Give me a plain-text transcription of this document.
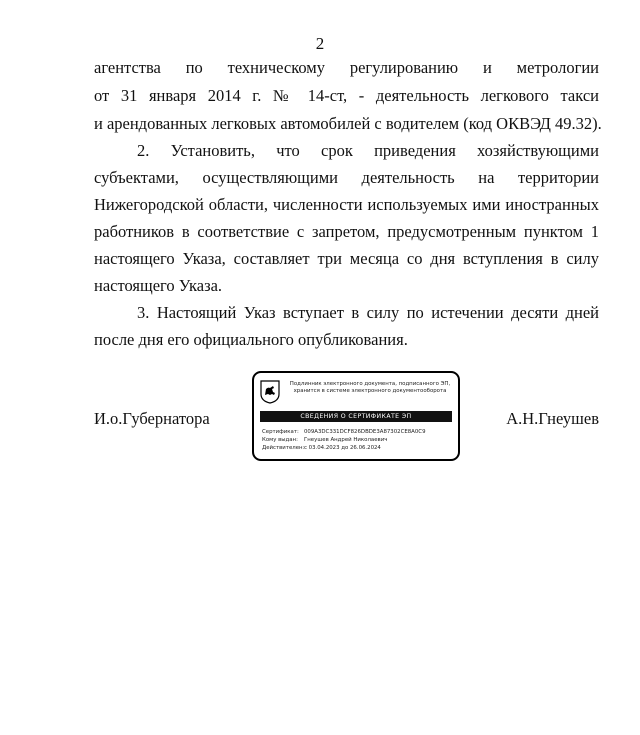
2
агентства по техническому регулированию и метрологии
от 31 января 2014 г. № 14-ст, - деятельность легкового такси
и арендованных легковых автомобилей с водителем (код ОКВЭД 49.32).
2. Установить, что срок приведения хозяйствующими
субъектами, осуществляющими деятельность на территории
Нижегородской области, численности используемых ими иностранных
работников в соответствие с запретом, предусмотренным пунктом 1
настоящего Указа, составляет три месяца со дня вступления в силу
настоящего Указа.
3. Настоящий Указ вступает в силу по истечении десяти дней
после дня его официального опубликования.
И.о.Губернатора	А.Н.Гнеушев
Подлинник электронного документа, подписанного ЭП, хранится в системе электронного документооборота
СВЕДЕНИЯ О СЕРТИФИКАТЕ ЭП
Сертификат: 009A3DC331DCF826DBDE3A87302CE8A0C9
Кому выдан: Гнеушев Андрей Николаевич
Действителен:с 03.04.2023 до 26.06.2024
